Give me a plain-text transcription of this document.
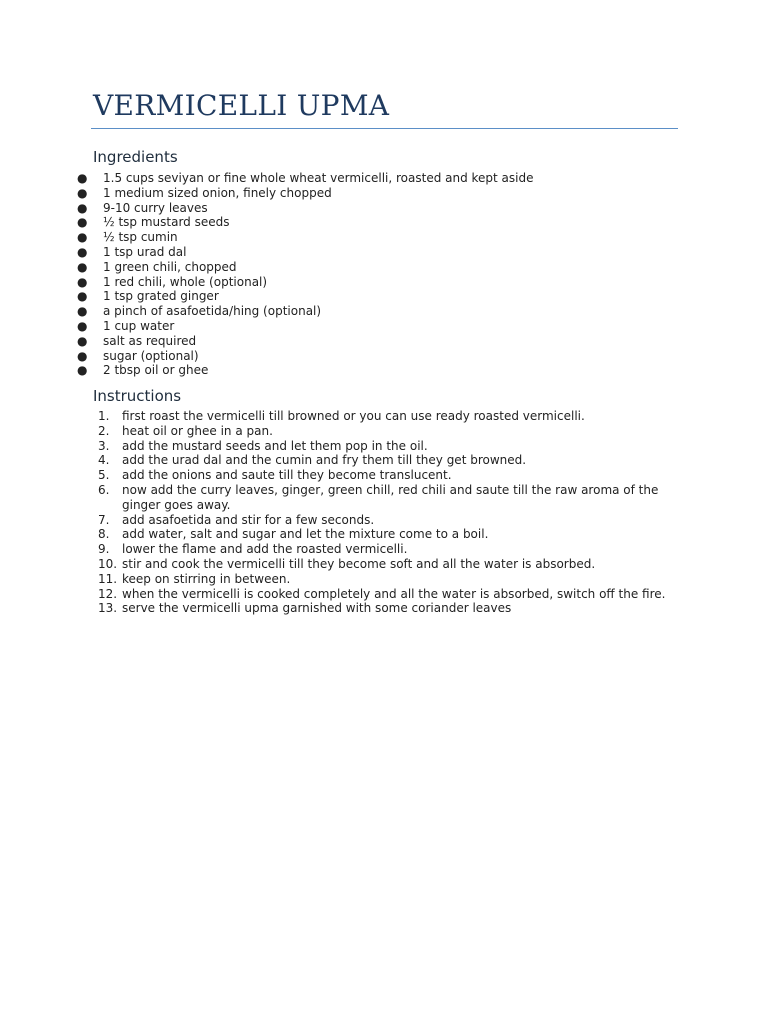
VERMICELLI UPMA
Ingredients
● 1.5 cups seviyan or fine whole wheat vermicelli, roasted and kept aside
● 1 medium sized onion, finely chopped
● 9-10 curry leaves
● ½ tsp mustard seeds
● ½ tsp cumin
● 1 tsp urad dal
● 1 green chili, chopped
● 1 red chili, whole (optional)
● 1 tsp grated ginger
● a pinch of asafoetida/hing (optional)
● 1 cup water
● salt as required
● sugar (optional)
● 2 tbsp oil or ghee
Instructions
1. first roast the vermicelli till browned or you can use ready roasted vermicelli.
2. heat oil or ghee in a pan.
3. add the mustard seeds and let them pop in the oil.
4. add the urad dal and the cumin and fry them till they get browned.
5. add the onions and saute till they become translucent.
6. now add the curry leaves, ginger, green chill, red chili and saute till the raw aroma of the ginger goes away.
7. add asafoetida and stir for a few seconds.
8. add water, salt and sugar and let the mixture come to a boil.
9. lower the flame and add the roasted vermicelli.
10. stir and cook the vermicelli till they become soft and all the water is absorbed.
11. keep on stirring in between.
12. when the vermicelli is cooked completely and all the water is absorbed, switch off the fire.
13. serve the vermicelli upma garnished with some coriander leaves
